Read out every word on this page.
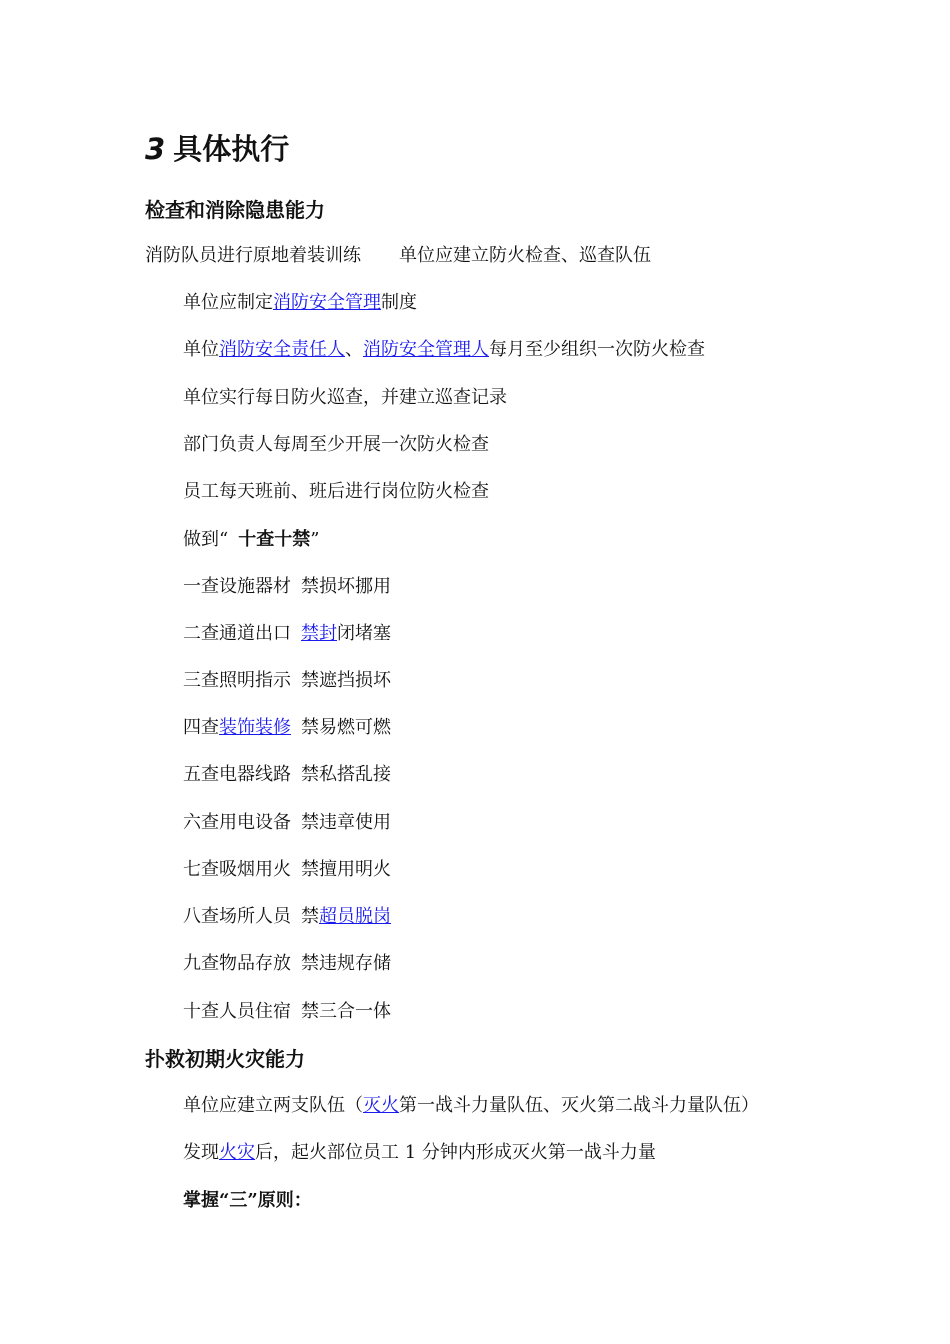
3 具体执行
检查和消除隐患能力
消防队员进行原地着装训练 单位应建立防火检查、巡查队伍
单位应制定消防安全管理制度
单位消防安全责任人、消防安全管理人每月至少组织一次防火检查
单位实行每日防火巡查，并建立巡查记录
部门负责人每周至少开展一次防火检查
员工每天班前、班后进行岗位防火检查
做到“ 十查十禁”
一查设施器材 禁损坏挪用
二查通道出口 禁封闭堵塞
三查照明指示 禁遮挡损坏
四查装饰装修 禁易燃可燃
五查电器线路 禁私搭乱接
六查用电设备 禁违章使用
七查吸烟用火 禁擅用明火
八查场所人员 禁超员脱岗
九查物品存放 禁违规存储
十查人员住宿 禁三合一体
扑救初期火灾能力
单位应建立两支队伍（灭火第一战斗力量队伍、灭火第二战斗力量队伍）
发现火灾后，起火部位员工 1 分钟内形成灭火第一战斗力量
掌握“三”原则：
